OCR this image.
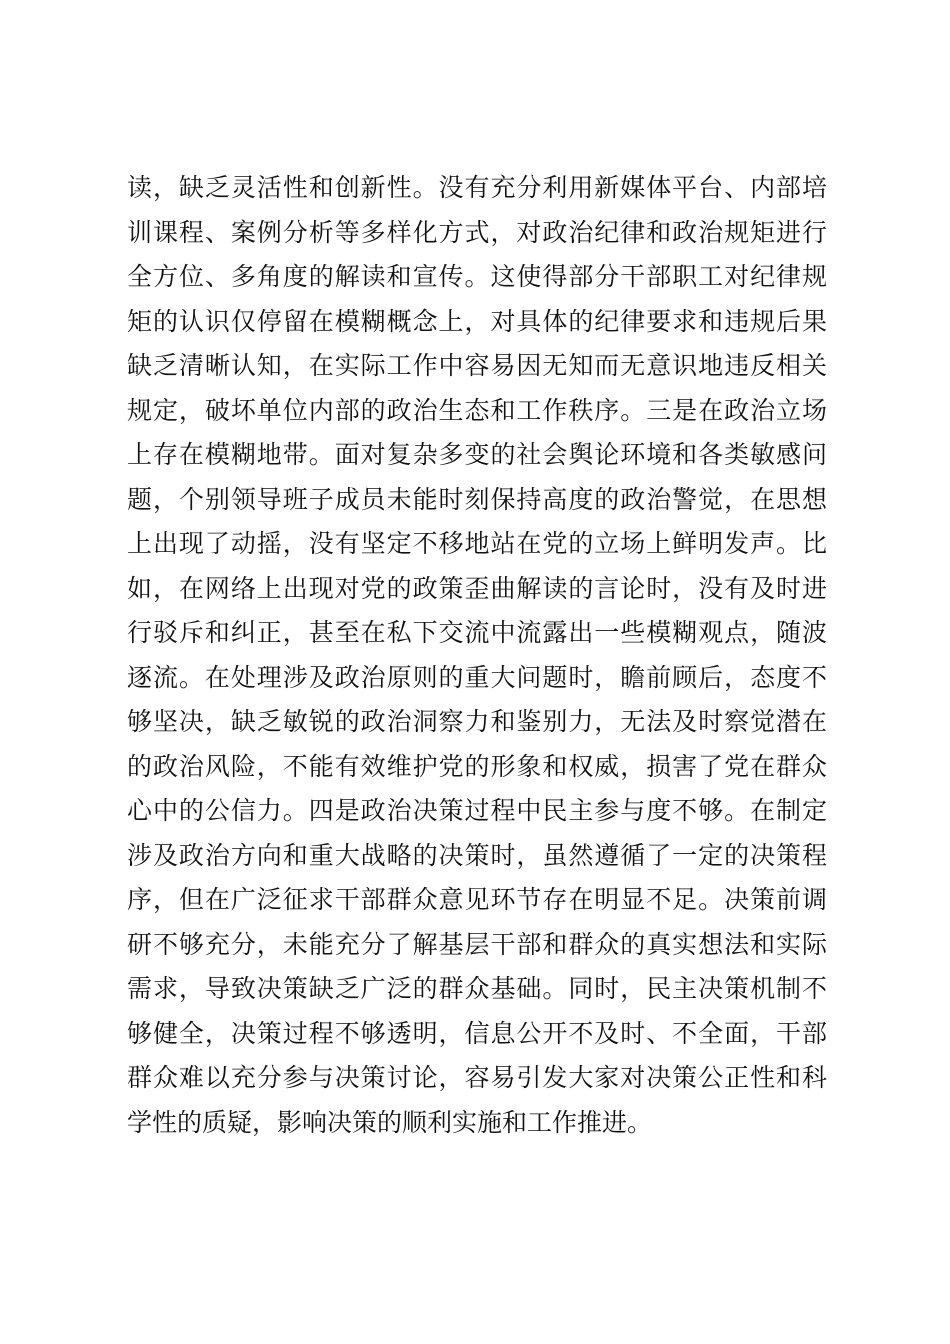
读，缺乏灵活性和创新性。没有充分利用新媒体平台、内部培
训课程、案例分析等多样化方式，对政治纪律和政治规矩进行
全方位、多角度的解读和宣传。这使得部分干部职工对纪律规
矩的认识仅停留在模糊概念上，对具体的纪律要求和违规后果
缺乏清晰认知，在实际工作中容易因无知而无意识地违反相关
规定，破坏单位内部的政治生态和工作秩序。三是在政治立场
上存在模糊地带。面对复杂多变的社会舆论环境和各类敏感问
题，个别领导班子成员未能时刻保持高度的政治警觉，在思想
上出现了动摇，没有坚定不移地站在党的立场上鲜明发声。比
如，在网络上出现对党的政策歪曲解读的言论时，没有及时进
行驳斥和纠正，甚至在私下交流中流露出一些模糊观点，随波
逐流。在处理涉及政治原则的重大问题时，瞻前顾后，态度不
够坚决，缺乏敏锐的政治洞察力和鉴别力，无法及时察觉潜在
的政治风险，不能有效维护党的形象和权威，损害了党在群众
心中的公信力。四是政治决策过程中民主参与度不够。在制定
涉及政治方向和重大战略的决策时，虽然遵循了一定的决策程
序，但在广泛征求干部群众意见环节存在明显不足。决策前调
研不够充分，未能充分了解基层干部和群众的真实想法和实际
需求，导致决策缺乏广泛的群众基础。同时，民主决策机制不
够健全，决策过程不够透明，信息公开不及时、不全面，干部
群众难以充分参与决策讨论，容易引发大家对决策公正性和科
学性的质疑，影响决策的顺利实施和工作推进。
